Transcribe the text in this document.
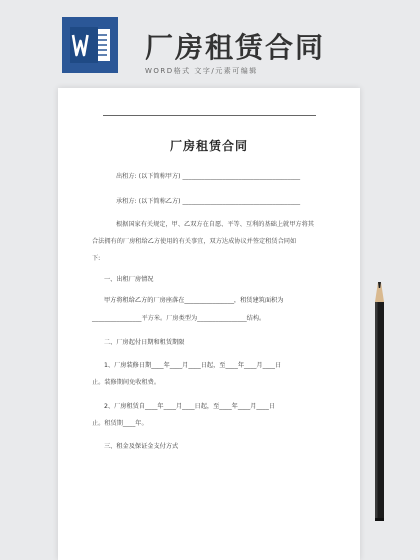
厂房租赁合同
WORD格式 文字/元素可编辑
厂房租赁合同
出租方: (以下简称甲方) ______________________________________
承租方: (以下简称乙方) ______________________________________
根据国家有关规定，甲、乙双方在自愿、平等、互利的基础上就甲方将其
合法拥有的厂房租给乙方使用的有关事宜，双方达成协议并签定租赁合同如
下:
一、出租厂房情况
甲方将租给乙方的厂房座落在________________，租赁建筑面积为
________________平方米。厂房类型为________________结构。
二、厂房起付日期和租赁期限
1、厂房装修日期____年____月____日起，至____年____月____日
止。装修期间免收租费。
2、厂房租赁自____年____月____日起，至____年____月____日
止。租赁期____年。
三、租金及保证金支付方式
